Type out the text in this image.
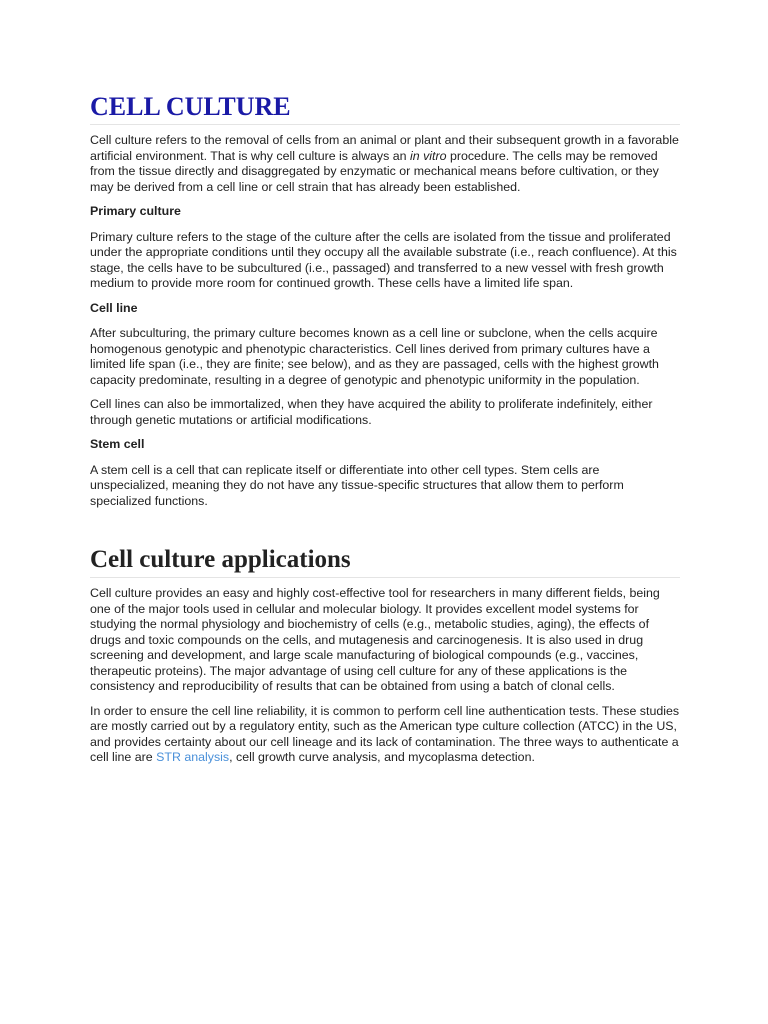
CELL CULTURE

Cell culture refers to the removal of cells from an animal or plant and their subsequent growth in a favorable artificial environment. That is why cell culture is always an in vitro procedure. The cells may be removed from the tissue directly and disaggregated by enzymatic or mechanical means before cultivation, or they may be derived from a cell line or cell strain that has already been established.

Primary culture

Primary culture refers to the stage of the culture after the cells are isolated from the tissue and proliferated under the appropriate conditions until they occupy all the available substrate (i.e., reach confluence). At this stage, the cells have to be subcultured (i.e., passaged) and transferred to a new vessel with fresh growth medium to provide more room for continued growth. These cells have a limited life span.

Cell line

After subculturing, the primary culture becomes known as a cell line or subclone, when the cells acquire homogenous genotypic and phenotypic characteristics. Cell lines derived from primary cultures have a limited life span (i.e., they are finite; see below), and as they are passaged, cells with the highest growth capacity predominate, resulting in a degree of genotypic and phenotypic uniformity in the population.

Cell lines can also be immortalized, when they have acquired the ability to proliferate indefinitely, either through genetic mutations or artificial modifications.

Stem cell

A stem cell is a cell that can replicate itself or differentiate into other cell types. Stem cells are unspecialized, meaning they do not have any tissue-specific structures that allow them to perform specialized functions.

Cell culture applications

Cell culture provides an easy and highly cost-effective tool for researchers in many different fields, being one of the major tools used in cellular and molecular biology. It provides excellent model systems for studying the normal physiology and biochemistry of cells (e.g., metabolic studies, aging), the effects of drugs and toxic compounds on the cells, and mutagenesis and carcinogenesis. It is also used in drug screening and development, and large scale manufacturing of biological compounds (e.g., vaccines, therapeutic proteins). The major advantage of using cell culture for any of these applications is the consistency and reproducibility of results that can be obtained from using a batch of clonal cells.

In order to ensure the cell line reliability, it is common to perform cell line authentication tests. These studies are mostly carried out by a regulatory entity, such as the American type culture collection (ATCC) in the US, and provides certainty about our cell lineage and its lack of contamination. The three ways to authenticate a cell line are STR analysis, cell growth curve analysis, and mycoplasma detection.
